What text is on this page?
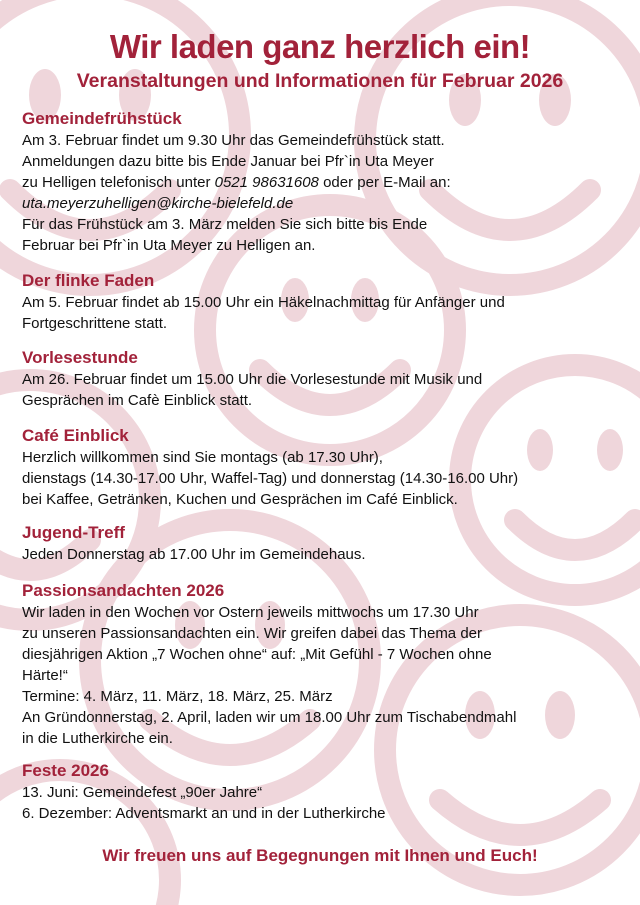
Wir laden ganz herzlich ein!
Veranstaltungen und Informationen für Februar 2026
Gemeindefrühstück

Am 3. Februar findet um 9.30 Uhr das Gemeindefrühstück statt.

Anmeldungen dazu bitte bis Ende Januar bei Pfr`in Uta Meyer

zu Helligen telefonisch unter 0521 98631608 oder per E-Mail an:

uta.meyerzuhelligen@kirche-bielefeld.de

Für das Frühstück am 3. März melden Sie sich bitte bis Ende

Februar bei Pfr`in Uta Meyer zu Helligen an.

Der flinke Faden

Am 5. Februar findet ab 15.00 Uhr ein Häkelnachmittag für Anfänger und

Fortgeschrittene statt.

Vorlesestunde

Am 26. Februar findet um 15.00 Uhr die Vorlesestunde mit Musik und

Gesprächen im Cafè Einblick statt.

Café Einblick

Herzlich willkommen sind Sie montags (ab 17.30 Uhr),

dienstags (14.30-17.00 Uhr, Waffel-Tag) und donnerstag (14.30-16.00 Uhr)

bei Kaffee, Getränken, Kuchen und Gesprächen im Café Einblick.

Jugend-Treff

Jeden Donnerstag ab 17.00 Uhr im Gemeindehaus.

Passionsandachten 2026

Wir laden in den Wochen vor Ostern jeweils mittwochs um 17.30 Uhr

zu unseren Passionsandachten ein. Wir greifen dabei das Thema der

diesjährigen Aktion „7 Wochen ohne“ auf: „Mit Gefühl - 7 Wochen ohne

Härte!“

Termine: 4. März, 11. März, 18. März, 25. März

An Gründonnerstag, 2. April, laden wir um 18.00 Uhr zum Tischabendmahl

in die Lutherkirche ein.

Feste 2026

13. Juni: Gemeindefest „90er Jahre“

6. Dezember: Adventsmarkt an und in der Lutherkirche

Wir freuen uns auf Begegnungen mit Ihnen und Euch!
